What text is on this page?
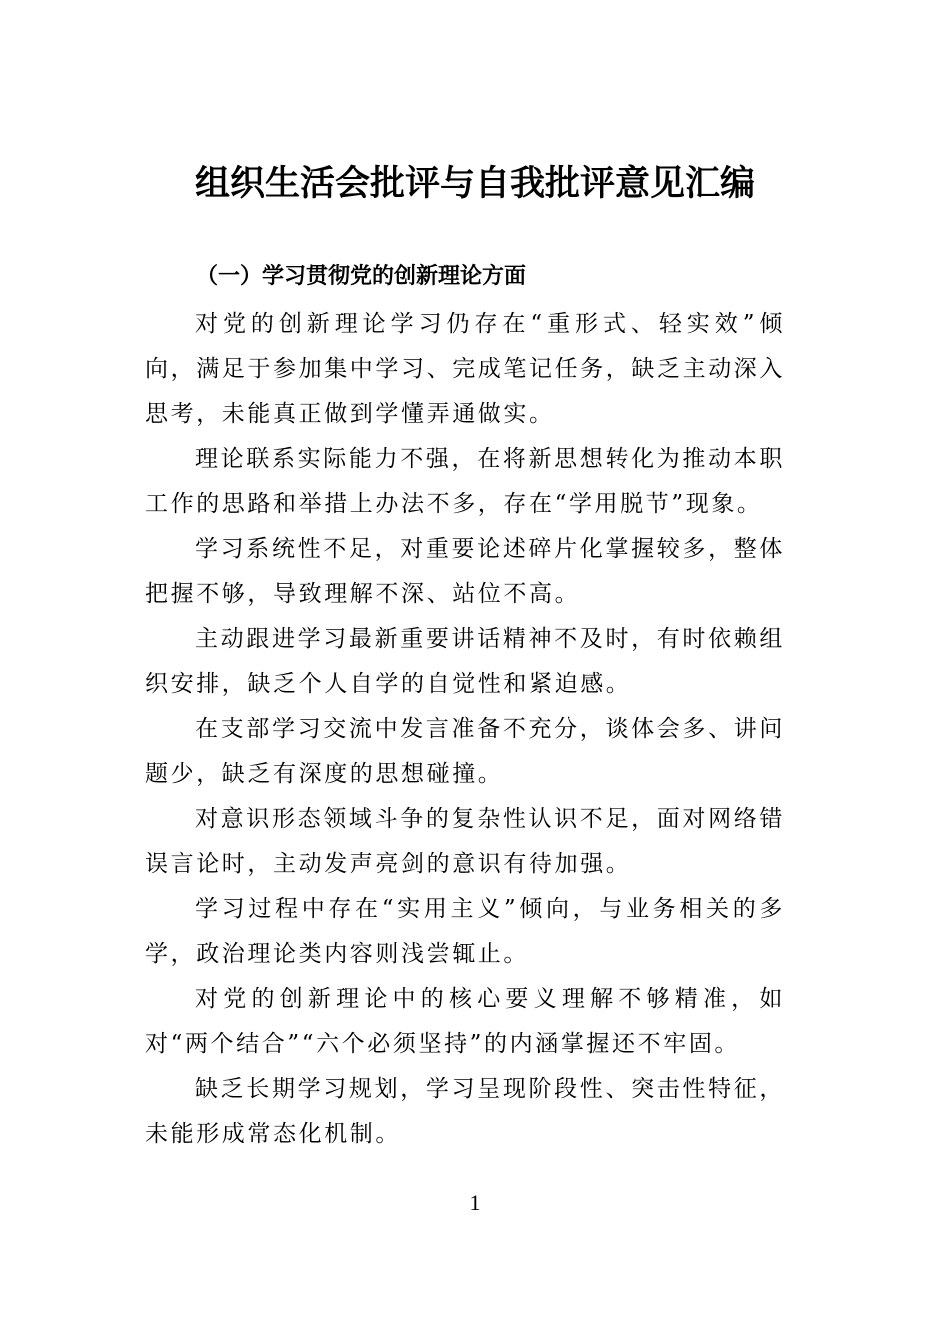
组织生活会批评与自我批评意见汇编
（一）学习贯彻党的创新理论方面

对党的创新理论学习仍存在“重形式、轻实效”倾向，满足于参加集中学习、完成笔记任务，缺乏主动深入思考，未能真正做到学懂弄通做实。

理论联系实际能力不强，在将新思想转化为推动本职工作的思路和举措上办法不多，存在“学用脱节”现象。

学习系统性不足，对重要论述碎片化掌握较多，整体把握不够，导致理解不深、站位不高。

主动跟进学习最新重要讲话精神不及时，有时依赖组织安排，缺乏个人自学的自觉性和紧迫感。

在支部学习交流中发言准备不充分，谈体会多、讲问题少，缺乏有深度的思想碰撞。

对意识形态领域斗争的复杂性认识不足，面对网络错误言论时，主动发声亮剑的意识有待加强。

学习过程中存在“实用主义”倾向，与业务相关的多学，政治理论类内容则浅尝辄止。

对党的创新理论中的核心要义理解不够精准，如对“两个结合”“六个必须坚持”的内涵掌握还不牢固。

缺乏长期学习规划，学习呈现阶段性、突击性特征，未能形成常态化机制。

1
